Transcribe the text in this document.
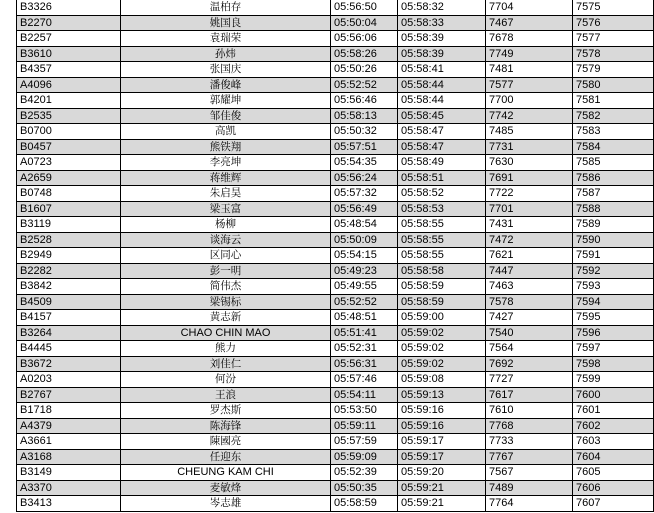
B3326	温柏存	05:56:50	05:58:32	7704	7575
B2270	姚国良	05:50:04	05:58:33	7467	7576
B2257	袁瑞荣	05:56:06	05:58:39	7678	7577
B3610	孙炜	05:58:26	05:58:39	7749	7578
B4357	张国庆	05:50:26	05:58:41	7481	7579
A4096	潘俊峰	05:52:52	05:58:44	7577	7580
B4201	郭耀坤	05:56:46	05:58:44	7700	7581
B2535	邹佳俊	05:58:13	05:58:45	7742	7582
B0700	高凯	05:50:32	05:58:47	7485	7583
B0457	熊铁翔	05:57:51	05:58:47	7731	7584
A0723	李亮坤	05:54:35	05:58:49	7630	7585
A2659	蒋维辉	05:56:24	05:58:51	7691	7586
B0748	朱启昊	05:57:32	05:58:52	7722	7587
B1607	梁玉富	05:56:49	05:58:53	7701	7588
B3119	杨柳	05:48:54	05:58:55	7431	7589
B2528	谈海云	05:50:09	05:58:55	7472	7590
B2949	区同心	05:54:15	05:58:55	7621	7591
B2282	彭一明	05:49:23	05:58:58	7447	7592
B3842	简伟杰	05:49:55	05:58:59	7463	7593
B4509	梁锡标	05:52:52	05:58:59	7578	7594
B4157	黄志新	05:48:51	05:59:00	7427	7595
B3264	CHAO CHIN MAO	05:51:41	05:59:02	7540	7596
B4445	熊力	05:52:31	05:59:02	7564	7597
B3672	刘佳仁	05:56:31	05:59:02	7692	7598
A0203	何汾	05:57:46	05:59:08	7727	7599
B2767	王浪	05:54:11	05:59:13	7617	7600
B1718	罗杰斯	05:53:50	05:59:16	7610	7601
A4379	陈海锋	05:59:11	05:59:16	7768	7602
A3661	陳國亮	05:57:59	05:59:17	7733	7603
A3168	任迎东	05:59:09	05:59:17	7767	7604
B3149	CHEUNG KAM CHI	05:52:39	05:59:20	7567	7605
A3370	麦敏烽	05:50:35	05:59:21	7489	7606
B3413	岑志雄	05:58:59	05:59:21	7764	7607
